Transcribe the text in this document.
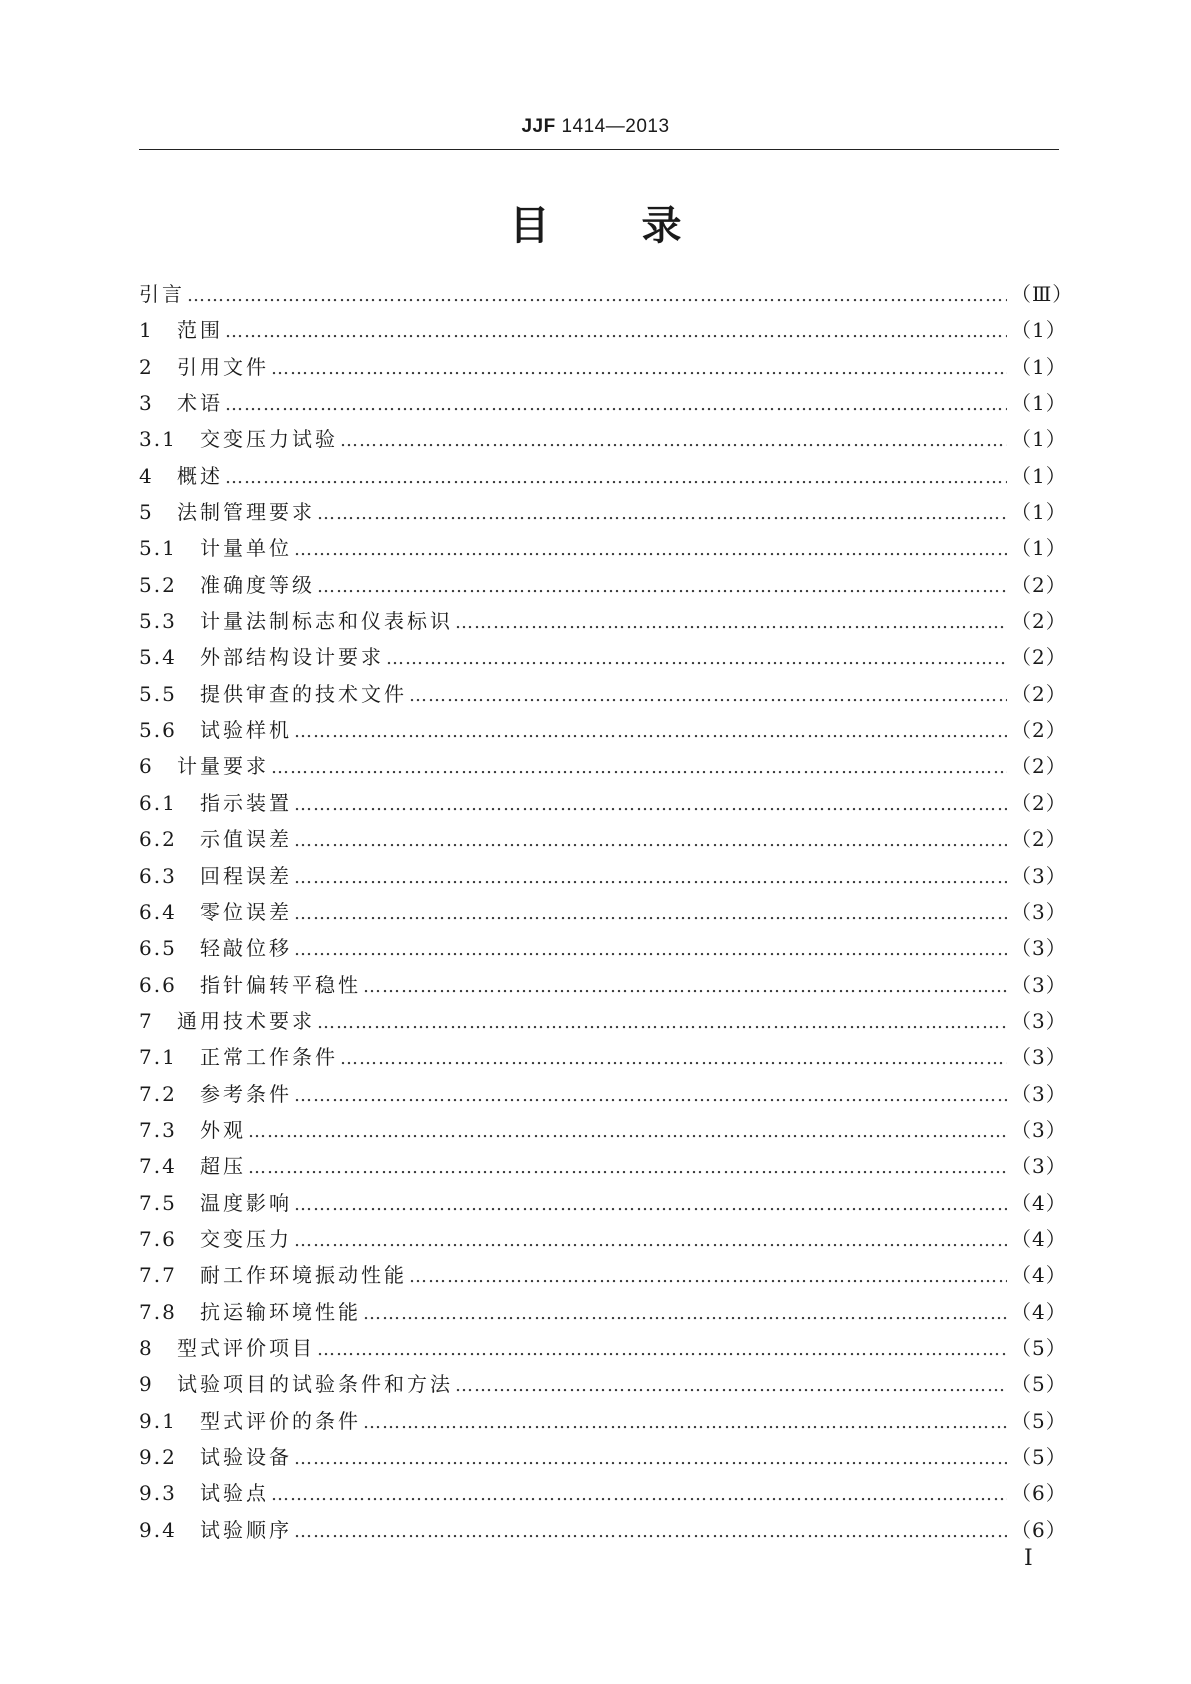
JJF 1414—2013
目 录
引言 …………………………………………………………………………………………………………………………………………………………………………………………	（Ⅲ）
1	范围 …………………………………………………………………………………………………………………………………………………………………………………………	（1）
2	引用文件 …………………………………………………………………………………………………………………………………………………………………………………………	（1）
3	术语 …………………………………………………………………………………………………………………………………………………………………………………………	（1）
3.1	交变压力试验 …………………………………………………………………………………………………………………………………………………………………………………………	（1）
4	概述 …………………………………………………………………………………………………………………………………………………………………………………………	（1）
5	法制管理要求 …………………………………………………………………………………………………………………………………………………………………………………………	（1）
5.1	计量单位 …………………………………………………………………………………………………………………………………………………………………………………………	（1）
5.2	准确度等级 …………………………………………………………………………………………………………………………………………………………………………………………	（2）
5.3	计量法制标志和仪表标识 …………………………………………………………………………………………………………………………………………………………………………………………	（2）
5.4	外部结构设计要求 …………………………………………………………………………………………………………………………………………………………………………………………	（2）
5.5	提供审查的技术文件 …………………………………………………………………………………………………………………………………………………………………………………………	（2）
5.6	试验样机 …………………………………………………………………………………………………………………………………………………………………………………………	（2）
6	计量要求 …………………………………………………………………………………………………………………………………………………………………………………………	（2）
6.1	指示装置 …………………………………………………………………………………………………………………………………………………………………………………………	（2）
6.2	示值误差 …………………………………………………………………………………………………………………………………………………………………………………………	（2）
6.3	回程误差 …………………………………………………………………………………………………………………………………………………………………………………………	（3）
6.4	零位误差 …………………………………………………………………………………………………………………………………………………………………………………………	（3）
6.5	轻敲位移 …………………………………………………………………………………………………………………………………………………………………………………………	（3）
6.6	指针偏转平稳性 …………………………………………………………………………………………………………………………………………………………………………………………	（3）
7	通用技术要求 …………………………………………………………………………………………………………………………………………………………………………………………	（3）
7.1	正常工作条件 …………………………………………………………………………………………………………………………………………………………………………………………	（3）
7.2	参考条件 …………………………………………………………………………………………………………………………………………………………………………………………	（3）
7.3	外观 …………………………………………………………………………………………………………………………………………………………………………………………	（3）
7.4	超压 …………………………………………………………………………………………………………………………………………………………………………………………	（3）
7.5	温度影响 …………………………………………………………………………………………………………………………………………………………………………………………	（4）
7.6	交变压力 …………………………………………………………………………………………………………………………………………………………………………………………	（4）
7.7	耐工作环境振动性能 …………………………………………………………………………………………………………………………………………………………………………………………	（4）
7.8	抗运输环境性能 …………………………………………………………………………………………………………………………………………………………………………………………	（4）
8	型式评价项目 …………………………………………………………………………………………………………………………………………………………………………………………	（5）
9	试验项目的试验条件和方法 …………………………………………………………………………………………………………………………………………………………………………………………	（5）
9.1	型式评价的条件 …………………………………………………………………………………………………………………………………………………………………………………………	（5）
9.2	试验设备 …………………………………………………………………………………………………………………………………………………………………………………………	（5）
9.3	试验点 …………………………………………………………………………………………………………………………………………………………………………………………	（6）
9.4	试验顺序 …………………………………………………………………………………………………………………………………………………………………………………………	（6）
Ⅰ
